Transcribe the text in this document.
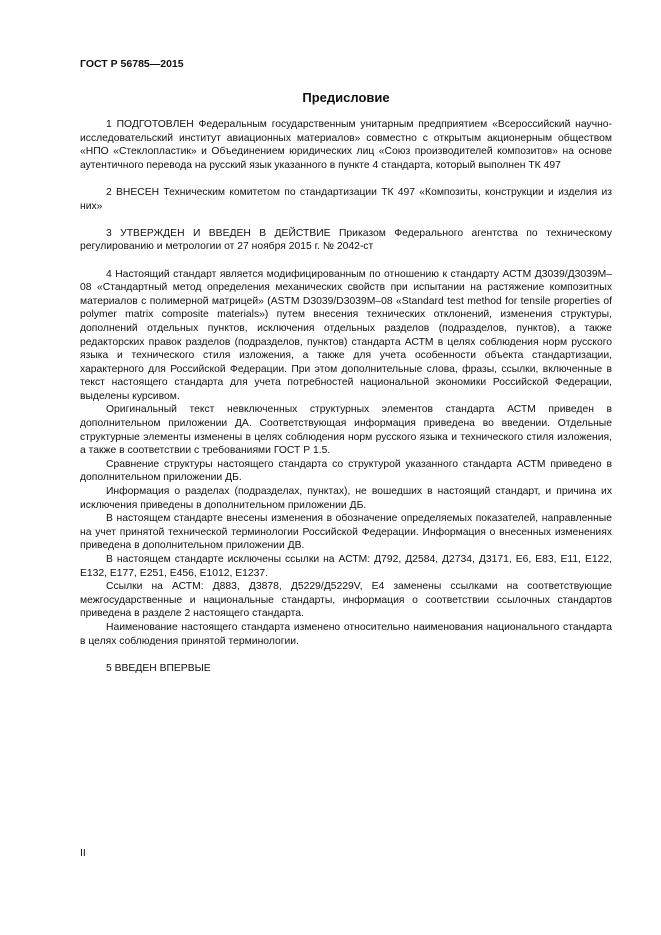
ГОСТ Р 56785—2015
Предисловие

1 ПОДГОТОВЛЕН Федеральным государственным унитарным предприятием «Всероссийский научно-исследовательский институт авиационных материалов» совместно с открытым акционерным обществом «НПО «Стеклопластик» и Объединением юридических лиц «Союз производителей композитов» на основе аутентичного перевода на русский язык указанного в пункте 4 стандарта, который выполнен ТК 497

2 ВНЕСЕН Техническим комитетом по стандартизации ТК 497 «Композиты, конструкции и изделия из них»

3 УТВЕРЖДЕН И ВВЕДЕН В ДЕЙСТВИЕ Приказом Федерального агентства по техническому регулированию и метрологии от 27 ноября 2015 г. № 2042-ст

4 Настоящий стандарт является модифицированным по отношению к стандарту АСТМ Д3039/Д3039М–08 «Стандартный метод определения механических свойств при испытании на растяжение композитных материалов с полимерной матрицей» (ASTM D3039/D3039M–08 «Standard test method for tensile properties of polymer matrix composite materials») путем внесения технических отклонений, изменения структуры, дополнений отдельных пунктов, исключения отдельных разделов (подразделов, пунктов), а также редакторских правок разделов (подразделов, пунктов) стандарта АСТМ в целях соблюдения норм русского языка и технического стиля изложения, а также для учета особенности объекта стандартизации, характерного для Российской Федерации. При этом дополнительные слова, фразы, ссылки, включенные в текст настоящего стандарта для учета потребностей национальной экономики Российской Федерации, выделены курсивом.

Оригинальный текст невключенных структурных элементов стандарта АСТМ приведен в дополнительном приложении ДА. Соответствующая информация приведена во введении. Отдельные структурные элементы изменены в целях соблюдения норм русского языка и технического стиля изложения, а также в соответствии с требованиями ГОСТ Р 1.5.

Сравнение структуры настоящего стандарта со структурой указанного стандарта АСТМ приведено в дополнительном приложении ДБ.

Информация о разделах (подразделах, пунктах), не вошедших в настоящий стандарт, и причина их исключения приведены в дополнительном приложении ДБ.

В настоящем стандарте внесены изменения в обозначение определяемых показателей, направленные на учет принятой технической терминологии Российской Федерации. Информация о внесенных изменениях приведена в дополнительном приложении ДВ.

В настоящем стандарте исключены ссылки на АСТМ: Д792, Д2584, Д2734, Д3171, Е6, Е83, Е11, Е122, Е132, Е177, Е251, Е456, Е1012, Е1237.

Ссылки на АСТМ: Д883, Д3878, Д5229/Д5229V, Е4 заменены ссылками на соответствующие межгосударственные и национальные стандарты, информация о соответствии ссылочных стандартов приведена в разделе 2 настоящего стандарта.

Наименование настоящего стандарта изменено относительно наименования национального стандарта в целях соблюдения принятой терминологии.

5 ВВЕДЕН ВПЕРВЫЕ

II
